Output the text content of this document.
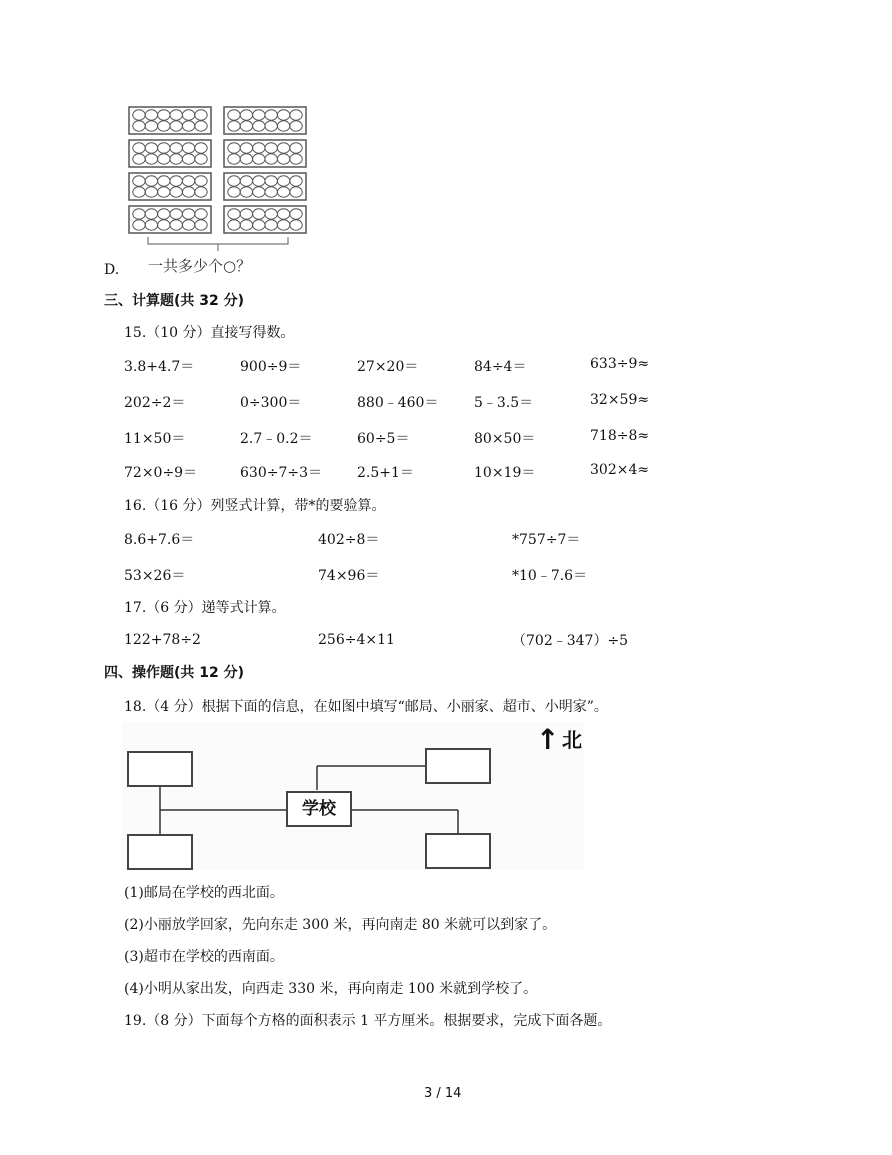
D. 一共多少个○？
三、计算题(共 32 分)
15.（10 分）直接写得数。
3.8+4.7＝	900÷9＝	27×20＝	84÷4＝	633÷9≈
202÷2＝	0÷300＝	880﹣460＝	5﹣3.5＝	32×59≈
11×50＝	2.7﹣0.2＝	60÷5＝	80×50＝	718÷8≈
72×0÷9＝	630÷7÷3＝	2.5+1＝	10×19＝	302×4≈
16.（16 分）列竖式计算，带*的要验算。
8.6+7.6＝	402÷8＝	*757÷7＝
53×26＝	74×96＝	*10﹣7.6＝
17.（6 分）递等式计算。
122+78÷2	256÷4×11	（702﹣347）÷5
四、操作题(共 12 分)
18.（4 分）根据下面的信息，在如图中填写“邮局、小丽家、超市、小明家”。
学校
↑ 北
(1)邮局在学校的西北面。
(2)小丽放学回家，先向东走 300 米，再向南走 80 米就可以到家了。
(3)超市在学校的西南面。
(4)小明从家出发，向西走 330 米，再向南走 100 米就到学校了。
19.（8 分）下面每个方格的面积表示 1 平方厘米。根据要求，完成下面各题。
3 / 14
